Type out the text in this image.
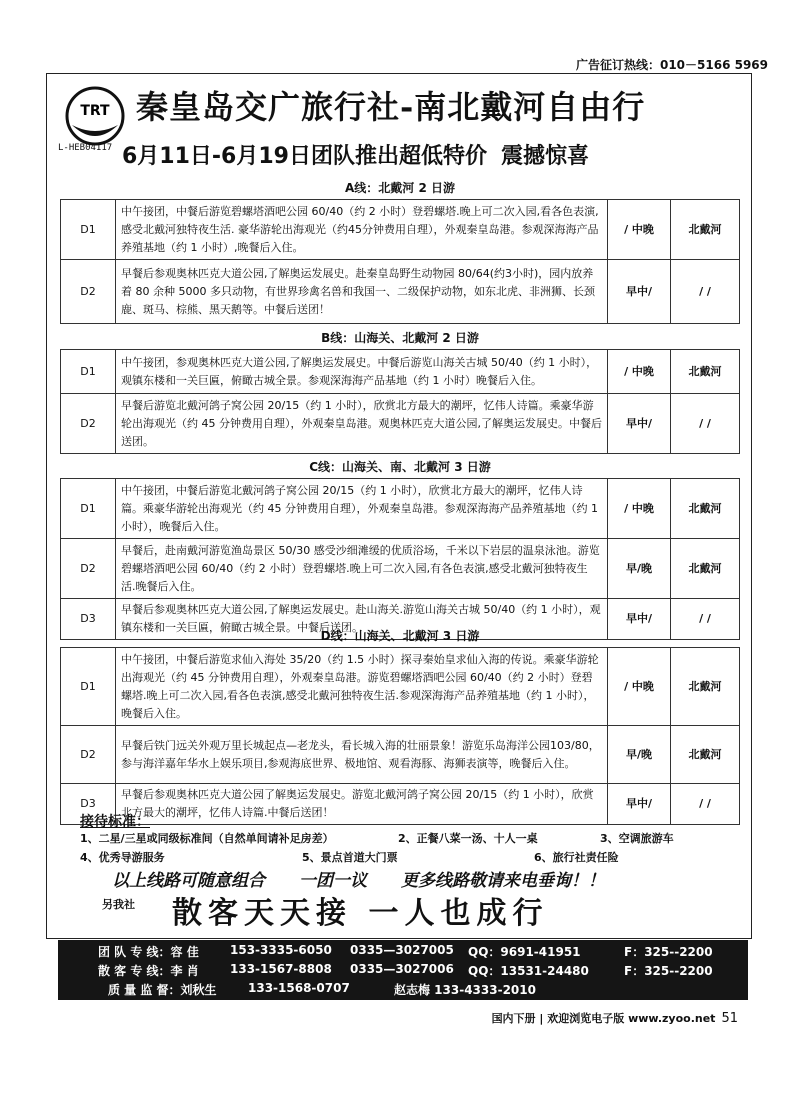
广告征订热线：010－5166 5969
TRT
L-HEB04117
秦皇岛交广旅行社-南北戴河自由行
6月11日-6月19日团队推出超低特价 震撼惊喜
A线：北戴河 2 日游
D1	中午接团，中餐后游览碧螺塔酒吧公园 60/40（约 2 小时）登碧螺塔.晚上可二次入园,看各色表演,感受北戴河独特夜生活. 豪华游轮出海观光（约45分钟费用自理），外观秦皇岛港。参观深海海产品养殖基地（约 1 小时）,晚餐后入住。	/ 中晚	北戴河
D2	早餐后参观奥林匹克大道公园,了解奥运发展史。赴秦皇岛野生动物园 80/64(约3小时)，园内放养着 80 余种 5000 多只动物，有世界珍禽名兽和我国一、二级保护动物，如东北虎、非洲狮、长颈鹿、斑马、棕熊、黑天鹅等。中餐后送团！	早中/	/ /
B线：山海关、北戴河 2 日游
D1	中午接团，参观奥林匹克大道公园,了解奥运发展史。中餐后游览山海关古城 50/40（约 1 小时），观镇东楼和一关巨匾，俯瞰古城全景。参观深海海产品基地（约 1 小时）晚餐后入住。	/ 中晚	北戴河
D2	早餐后游览北戴河鸽子窝公园 20/15（约 1 小时），欣赏北方最大的潮坪，忆伟人诗篇。乘豪华游轮出海观光（约 45 分钟费用自理），外观秦皇岛港。观奥林匹克大道公园,了解奥运发展史。中餐后送团。	早中/	/ /
C线：山海关、南、北戴河 3 日游
D1	中午接团，中餐后游览北戴河鸽子窝公园 20/15（约 1 小时），欣赏北方最大的潮坪，忆伟人诗篇。乘豪华游轮出海观光（约 45 分钟费用自理），外观秦皇岛港。参观深海海产品养殖基地（约 1 小时），晚餐后入住。	/ 中晚	北戴河
D2	早餐后，赴南戴河游览渔岛景区 50/30 感受沙细滩缓的优质浴场，千米以下岩层的温泉泳池。游览碧螺塔酒吧公园 60/40（约 2 小时）登碧螺塔.晚上可二次入园,有各色表演,感受北戴河独特夜生活.晚餐后入住。	早/晚	北戴河
D3	早餐后参观奥林匹克大道公园,了解奥运发展史。赴山海关.游览山海关古城 50/40（约 1 小时），观镇东楼和一关巨匾，俯瞰古城全景。中餐后送团。	早中/	/ /
D线：山海关、北戴河 3 日游
D1	中午接团，中餐后游览求仙入海处 35/20（约 1.5 小时）探寻秦始皇求仙入海的传说。乘豪华游轮出海观光（约 45 分钟费用自理），外观秦皇岛港。游览碧螺塔酒吧公园 60/40（约 2 小时）登碧螺塔.晚上可二次入园,看各色表演,感受北戴河独特夜生活.参观深海海产品养殖基地（约 1 小时），晚餐后入住。	/ 中晚	北戴河
D2	早餐后铁门远关外观万里长城起点—老龙头，看长城入海的壮丽景象！游览乐岛海洋公园103/80，参与海洋嘉年华水上娱乐项目,参观海底世界、极地馆、观看海豚、海狮表演等，晚餐后入住。	早/晚	北戴河
D3	早餐后参观奥林匹克大道公园了解奥运发展史。游览北戴河鸽子窝公园 20/15（约 1 小时），欣赏北方最大的潮坪，忆伟人诗篇.中餐后送团！	早中/	/ /
接待标准：
1、二星/三星或同级标准间（自然单间请补足房差）	2、正餐八菜一汤、十人一桌	3、空调旅游车
4、优秀导游服务	5、景点首道大门票	6、旅行社责任险
以上线路可随意组合 一团一议 更多线路敬请来电垂询！！
另我社 散客天天接 一人也成行
团 队 专 线：容 佳	153-3335-6050 0335—3027005 QQ：9691-41951	F：325--2200
散 客 专 线：李 肖	133-1567-8808 0335—3027006 QQ：13531-24480	F：325--2200
质 量 监 督：刘秋生	133-1568-0707	赵志梅 133-4333-2010
国内下册 | 欢迎浏览电子版 www.zyoo.net 51
